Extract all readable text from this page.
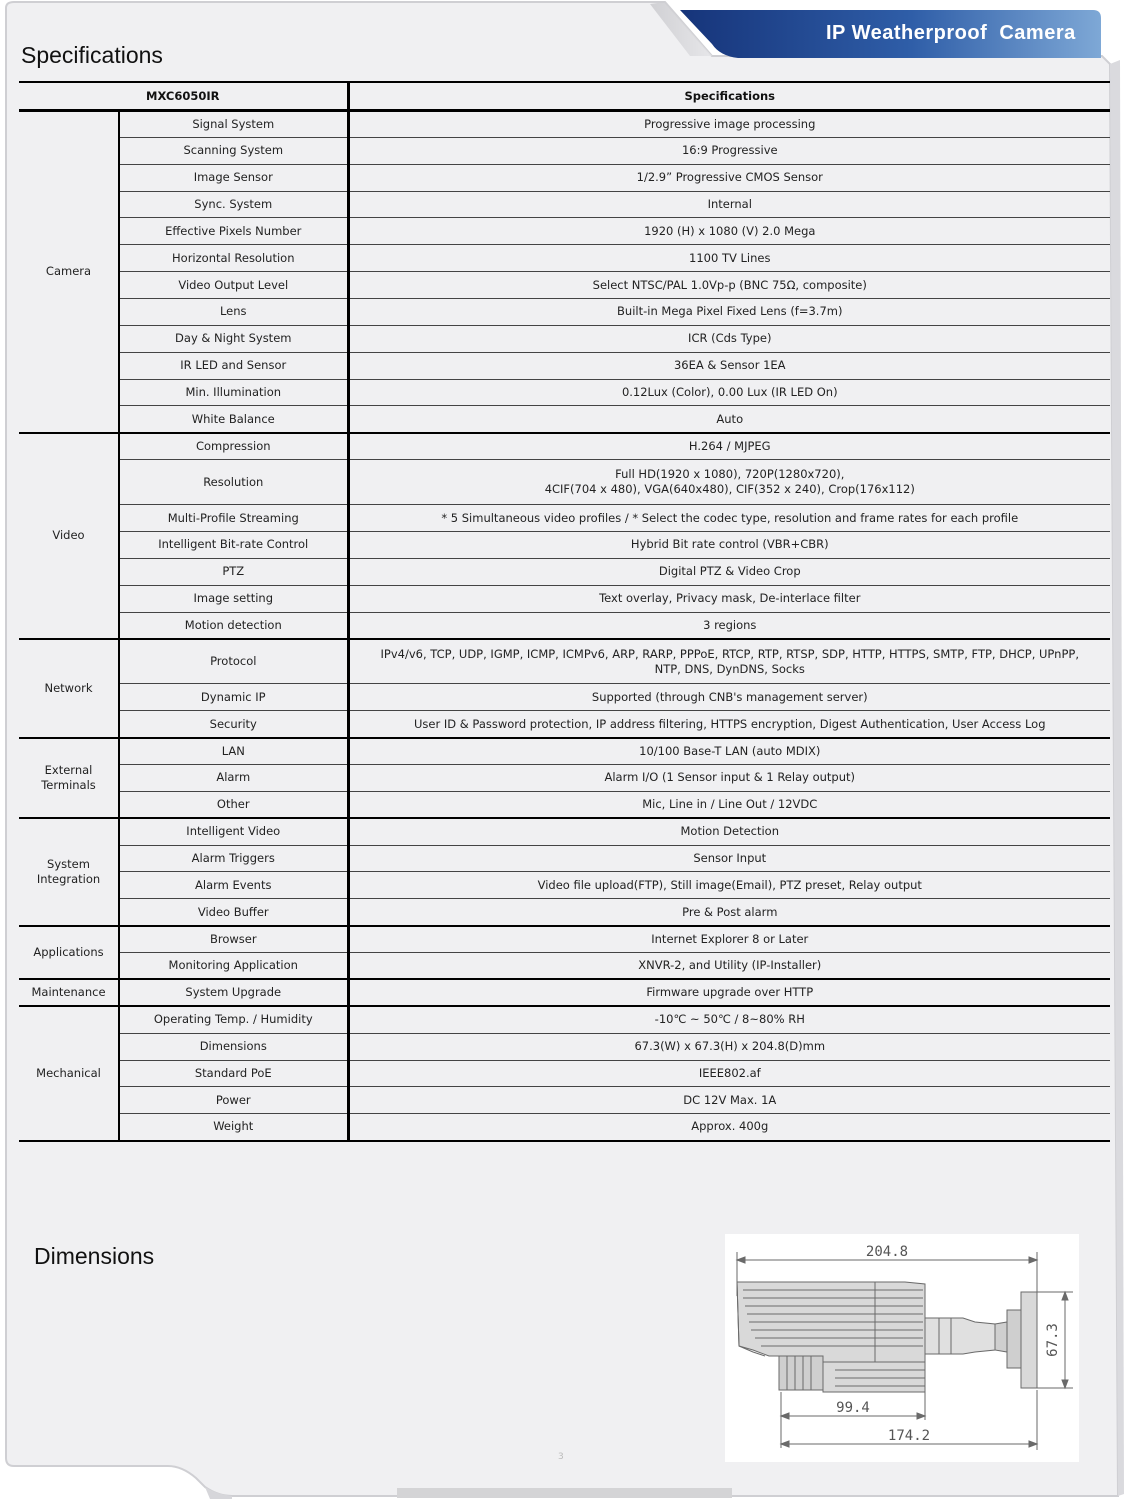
IP Weatherproof  Camera
Specifications
MXC6050IR		Specifications
Camera	Signal System	Progressive image processing

	Scanning System	16:9 Progressive

	Image Sensor	1/2.9” Progressive CMOS Sensor

	Sync. System	Internal

	Effective Pixels Number	1920 (H) x 1080 (V) 2.0 Mega

	Horizontal Resolution	1100 TV Lines

	Video Output Level	Select NTSC/PAL 1.0Vp-p (BNC 75Ω, composite)

	Lens	Built-in Mega Pixel Fixed Lens (f=3.7m)

	Day & Night System	ICR (Cds Type)

	IR LED and Sensor	36EA & Sensor 1EA

	Min. Illumination	0.12Lux (Color), 0.00 Lux (IR LED On)

	White Balance	Auto

Video	Compression	H.264 / MJPEG

	Resolution	Full HD(1920 x 1080), 720P(1280x720),
4CIF(704 x 480), VGA(640x480), CIF(352 x 240), Crop(176x112)

	Multi-Profile Streaming	* 5 Simultaneous video profiles / * Select the codec type, resolution and frame rates for each profile

	Intelligent Bit-rate Control	Hybrid Bit rate control (VBR+CBR)

	PTZ	Digital PTZ & Video Crop

	Image setting	Text overlay, Privacy mask, De-interlace filter

	Motion detection	3 regions

Network	Protocol	IPv4/v6, TCP, UDP, IGMP, ICMP, ICMPv6, ARP, RARP, PPPoE, RTCP, RTP, RTSP, SDP, HTTP, HTTPS, SMTP, FTP, DHCP, UPnPP,
NTP, DNS, DynDNS, Socks

	Dynamic IP	Supported (through CNB's management server)

	Security	User ID & Password protection, IP address filtering, HTTPS encryption, Digest Authentication, User Access Log

External
Terminals	LAN	10/100 Base-T LAN (auto MDIX)

	Alarm	Alarm I/O (1 Sensor input & 1 Relay output)

	Other	Mic, Line in / Line Out / 12VDC

System
Integration	Intelligent Video	Motion Detection

	Alarm Triggers	Sensor Input

	Alarm Events	Video file upload(FTP), Still image(Email), PTZ preset, Relay output

	Video Buffer	Pre & Post alarm

Applications	Browser	Internet Explorer 8 or Later

	Monitoring Application	XNVR-2, and Utility (IP-Installer)

Maintenance	System Upgrade	Firmware upgrade over HTTP

Mechanical	Operating Temp. / Humidity	-10℃ ~ 50℃ / 8~80% RH

	Dimensions	67.3(W) x 67.3(H) x 204.8(D)mm

	Standard PoE	IEEE802.af

	Power	DC 12V Max. 1A

	Weight	Approx. 400g
Dimensions	204.8
99.4
174.2
67.3
3
